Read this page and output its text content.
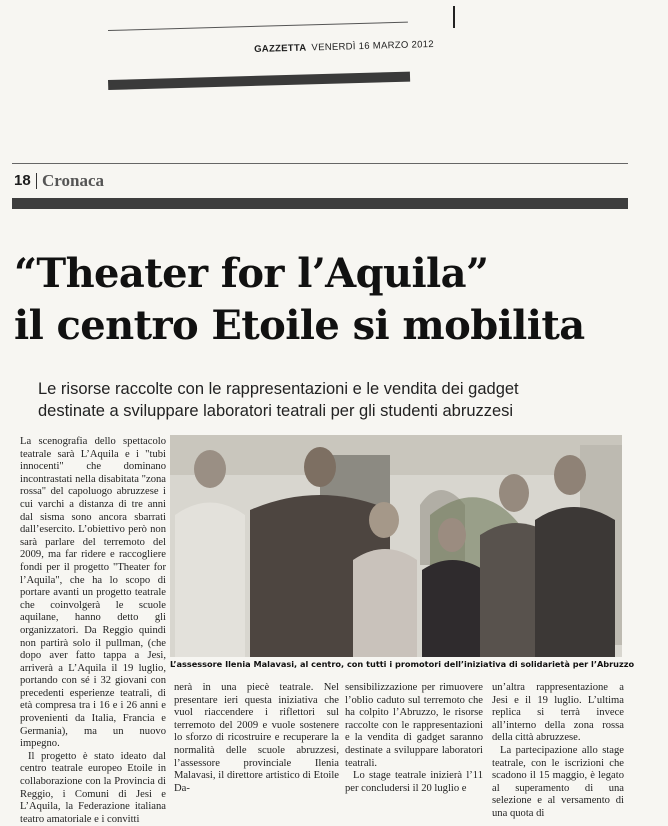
GAZZETTA VENERDÌ 16 MARZO 2012
18 Cronaca
“Theater for l’Aquila”
il centro Etoile si mobilita
Le risorse raccolte con le rappresentazioni e le vendita dei gadget
destinate a sviluppare laboratori teatrali per gli studenti abruzzesi

La scenografia dello spettacolo teatrale sarà L’Aquila e i "tubi innocenti" che dominano incontrastati nella disabitata "zona rossa" del capoluogo abruzzese i cui varchi a distanza di tre anni dal sisma sono ancora sbarrati dall’esercito. L’obiettivo però non sarà parlare del terremoto del 2009, ma far ridere e raccogliere fondi per il progetto "Theater for l’Aquila", che ha lo scopo di portare avanti un progetto teatrale che coinvolgerà le scuole aquilane, hanno detto gli organizzatori. Da Reggio quindi non partirà solo il pullman, (che dopo aver fatto tappa a Jesi, arriverà a L’Aquila il 19 luglio, portando con sé i 32 giovani con precedenti esperienze teatrali, di età compresa tra i 16 e i 26 anni e provenienti da Italia, Francia e Germania), ma un nuovo impegno.

Il progetto è stato ideato dal centro teatrale europeo Etoile in collaborazione con la Provincia di Reggio, i Comuni di Jesi e L’Aquila, la Federazione italiana teatro amatoriale e i convitti

L’assessore Ilenia Malavasi, al centro, con tutti i promotori dell’iniziativa di solidarietà per l’Abruzzo

nerà in una piecè teatrale. Nel presentare ieri questa iniziativa che vuol riaccendere i riflettori sul terremoto del 2009 e vuole sostenere lo sforzo di ricostruire e recuperare la normalità delle scuole abruzzesi, l’assessore provinciale Ilenia Malavasi, il direttore artistico di Etoile Da-

sensibilizzazione per rimuovere l’oblio caduto sul terremoto che ha colpito l’Abruzzo, le risorse raccolte con le rappresentazioni e la vendita di gadget saranno destinate a sviluppare laboratori teatrali.

Lo stage teatrale inizierà l’11 per concludersi il 20 luglio e

un’altra rappresentazione a Jesi e il 19 luglio. L’ultima replica si terrà invece all’interno della zona rossa della città abruzzese.

La partecipazione allo stage teatrale, con le iscrizioni che scadono il 15 maggio, è legato al superamento di una selezione e al versamento di una quota di
